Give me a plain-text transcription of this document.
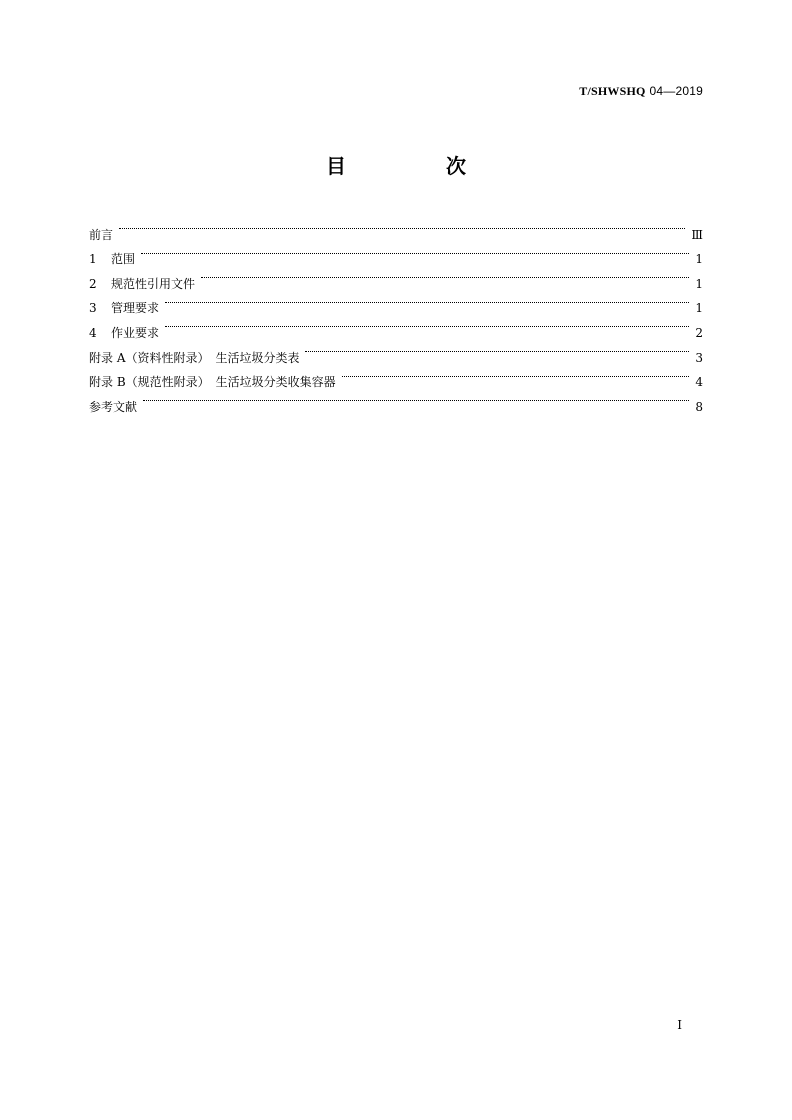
T/SHWSHQ 04—2019
目　次
前言	Ⅲ
1 范围	1
2 规范性引用文件	1
3 管理要求	1
4 作业要求	2
附录 A（资料性附录）　生活垃圾分类表	3
附录 B（规范性附录）　生活垃圾分类收集容器	4
参考文献	8
I
